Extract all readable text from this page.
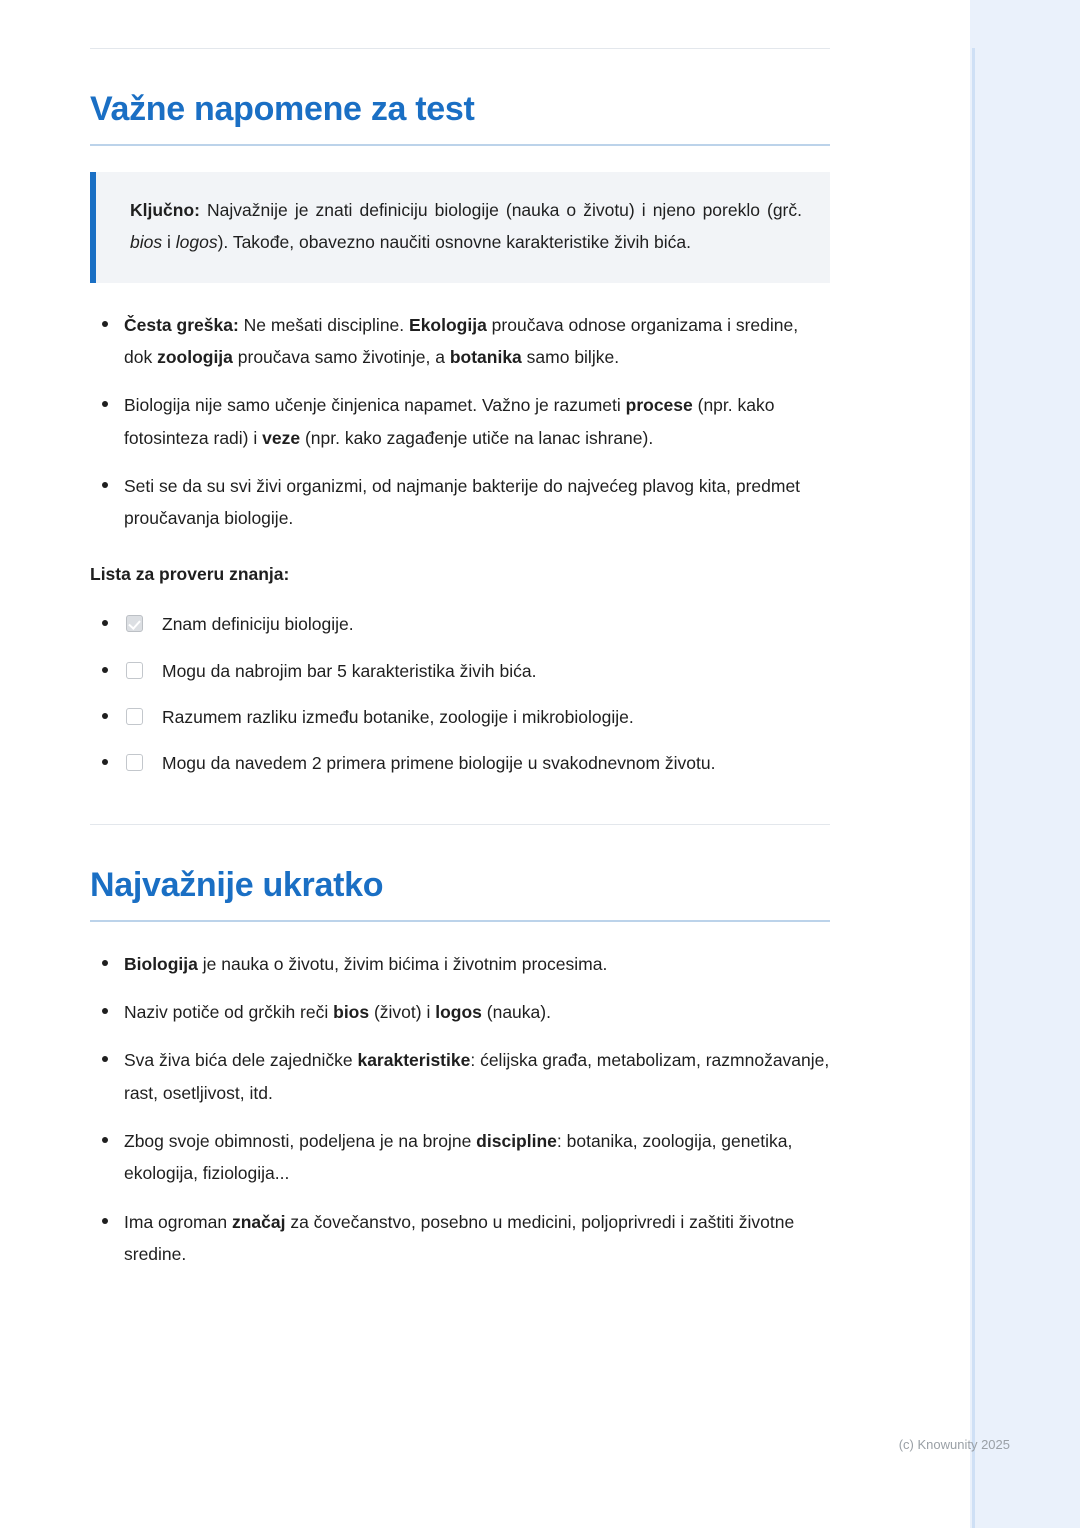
Važne napomene za test

Ključno: Najvažnije je znati definiciju biologije (nauka o životu) i njeno poreklo (grč. bios i logos). Takođe, obavezno naučiti osnovne karakteristike živih bića.

Česta greška: Ne mešati discipline. Ekologija proučava odnose organizama i sredine, dok zoologija proučava samo životinje, a botanika samo biljke.
Biologija nije samo učenje činjenica napamet. Važno je razumeti procese (npr. kako fotosinteza radi) i veze (npr. kako zagađenje utiče na lanac ishrane).
Seti se da su svi živi organizmi, od najmanje bakterije do najvećeg plavog kita, predmet proučavanja biologije.
Lista za proveru znanja:
Znam definiciju biologije.
Mogu da nabrojim bar 5 karakteristika živih bića.
Razumem razliku između botanike, zoologije i mikrobiologije.
Mogu da navedem 2 primera primene biologije u svakodnevnom životu.
Najvažnije ukratko
Biologija je nauka o životu, živim bićima i životnim procesima.
Naziv potiče od grčkih reči bios (život) i logos (nauka).
Sva živa bića dele zajedničke karakteristike: ćelijska građa, metabolizam, razmnožavanje, rast, osetljivost, itd.
Zbog svoje obimnosti, podeljena je na brojne discipline: botanika, zoologija, genetika, ekologija, fiziologija...
Ima ogroman značaj za čovečanstvo, posebno u medicini, poljoprivredi i zaštiti životne sredine.
(c) Knowunity 2025
